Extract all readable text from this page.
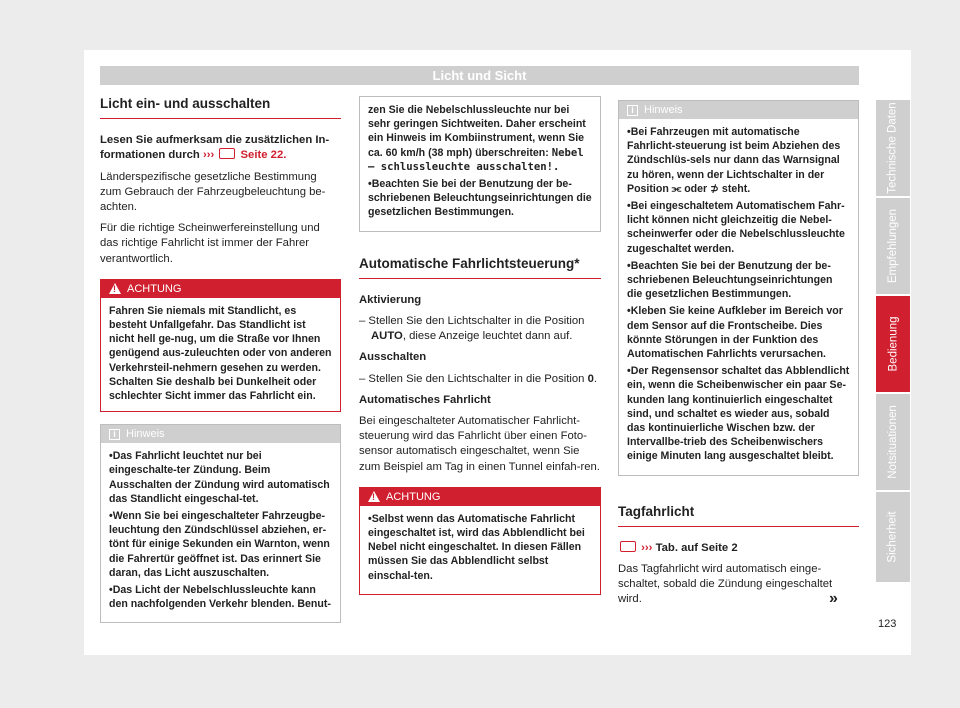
Licht und Sicht
Licht ein- und ausschalten

Lesen Sie aufmerksam die zusätzlichen In-formationen durch ››› Seite 22.

Länderspezifische gesetzliche Bestimmung zum Gebrauch der Fahrzeugbeleuchtung be-achten.

Für die richtige Scheinwerfereinstellung und das richtige Fahrlicht ist immer der Fahrer verantwortlich.

!
ACHTUNG
Fahren Sie niemals mit Standlicht, es besteht Unfallgefahr. Das Standlicht ist nicht hell ge-nug, um die Straße vor Ihnen genügend aus-zuleuchten oder von anderen Verkehrsteil-nehmern gesehen zu werden. Schalten Sie deshalb bei Dunkelheit oder schlechter Sicht immer das Fahrlicht ein.
i Hinweis
• Das Fahrlicht leuchtet nur bei eingeschalte-ter Zündung. Beim Ausschalten der Zündung wird automatisch das Standlicht eingeschal-tet.
• Wenn Sie bei eingeschalteter Fahrzeugbe-leuchtung den Zündschlüssel abziehen, er-tönt für einige Sekunden ein Warnton, wenn die Fahrertür geöffnet ist. Das erinnert Sie daran, das Licht auszuschalten.
• Das Licht der Nebelschlussleuchte kann den nachfolgenden Verkehr blenden. Benut-
zen Sie die Nebelschlussleuchte nur bei sehr geringen Sichtweiten. Daher erscheint ein Hinweis im Kombiinstrument, wenn Sie ca. 60 km/h (38 mph) überschreiten: Nebel – schlussleuchte ausschalten!.
• Beachten Sie bei der Benutzung der be-schriebenen Beleuchtungseinrichtungen die gesetzlichen Bestimmungen.
Automatische Fahrlichtsteuerung*

Aktivierung

– Stellen Sie den Lichtschalter in die Position AUTO, diese Anzeige leuchtet dann auf.

Ausschalten

– Stellen Sie den Lichtschalter in die Position 0.

Automatisches Fahrlicht

Bei eingeschalteter Automatischer Fahrlicht-steuerung wird das Fahrlicht über einen Foto-sensor automatisch eingeschaltet, wenn Sie zum Beispiel am Tag in einen Tunnel einfah-ren.

!
ACHTUNG
• Selbst wenn das Automatische Fahrlicht eingeschaltet ist, wird das Abblendlicht bei Nebel nicht eingeschaltet. In diesen Fällen müssen Sie das Abblendlicht selbst einschal-ten.
i Hinweis
• Bei Fahrzeugen mit automatische Fahrlicht-steuerung ist beim Abziehen des Zündschlüs-sels nur dann das Warnsignal zu hören, wenn der Lichtschalter in der Position ⫘ oder ⊅ steht.
• Bei eingeschaltetem Automatischem Fahr-licht können nicht gleichzeitig die Nebel-scheinwerfer oder die Nebelschlussleuchte zugeschaltet werden.
• Beachten Sie bei der Benutzung der be-schriebenen Beleuchtungseinrichtungen die gesetzlichen Bestimmungen.
• Kleben Sie keine Aufkleber im Bereich vor dem Sensor auf die Frontscheibe. Dies könnte Störungen in der Funktion des Automatischen Fahrlichts verursachen.
• Der Regensensor schaltet das Abblendlicht ein, wenn die Scheibenwischer ein paar Se-kunden lang kontinuierlich eingeschaltet sind, und schaltet es wieder aus, sobald das kontinuierliche Wischen bzw. der Intervallbe-trieb des Scheibenwischers einige Minuten lang ausgeschaltet bleibt.
Tagfahrlicht

››› Tab. auf Seite 2

Das Tagfahrlicht wird automatisch einge-schaltet, sobald die Zündung eingeschaltet wird.	»
Technische Daten
Empfehlungen
Bedienung
Notsituationen
Sicherheit
123
